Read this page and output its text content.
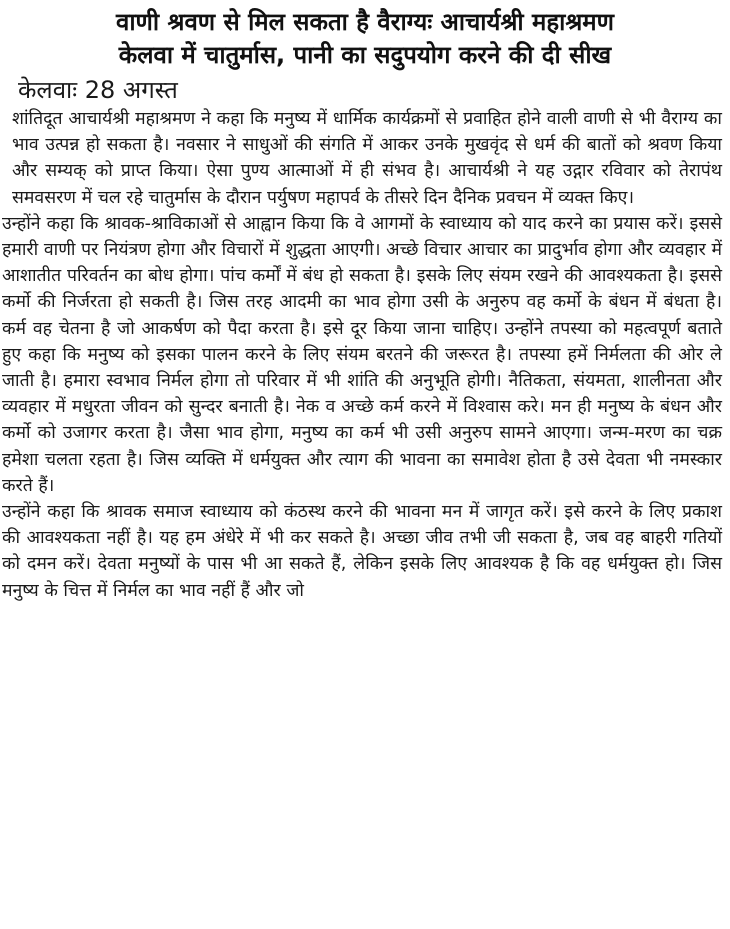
वाणी श्रवण से मिल सकता है वैराग्यः आचार्यश्री महाश्रमण
केलवा में चातुर्मास, पानी का सदुपयोग करने की दी सीख
केलवाः 28 अगस्त

शांतिदूत आचार्यश्री महाश्रमण ने कहा कि मनुष्य में धार्मिक कार्यक्रमों से प्रवाहित होने वाली वाणी से भी वैराग्य का भाव उत्पन्न हो सकता है। नवसार ने साधुओं की संगति में आकर उनके मुखवृंद से धर्म की बातों को श्रवण किया और सम्यक् को प्राप्त किया। ऐसा पुण्य आत्माओं में ही संभव है। आचार्यश्री ने यह उद्गार रविवार को तेरापंथ समवसरण में चल रहे चातुर्मास के दौरान पर्युषण महापर्व के तीसरे दिन दैनिक प्रवचन में व्यक्त किए।

उन्होंने कहा कि श्रावक-श्राविकाओं से आह्वान किया कि वे आगमों के स्वाध्याय को याद करने का प्रयास करें। इससे हमारी वाणी पर नियंत्रण होगा और विचारों में शुद्धता आएगी। अच्छे विचार आचार का प्रादुर्भाव होगा और व्यवहार में आशातीत परिवर्तन का बोध होगा। पांच कर्मों में बंध हो सकता है। इसके लिए संयम रखने की आवश्यकता है। इससे कर्मो की निर्जरता हो सकती है। जिस तरह आदमी का भाव होगा उसी के अनुरुप वह कर्मो के बंधन में बंधता है। कर्म वह चेतना है जो आकर्षण को पैदा करता है। इसे दूर किया जाना चाहिए। उन्होंने तपस्या को महत्वपूर्ण बताते हुए कहा कि मनुष्य को इसका पालन करने के लिए संयम बरतने की जरूरत है। तपस्या हमें निर्मलता की ओर ले जाती है। हमारा स्वभाव निर्मल होगा तो परिवार में भी शांति की अनुभूति होगी। नैतिकता, संयमता, शालीनता और व्यवहार में मधुरता जीवन को सुन्दर बनाती है। नेक व अच्छे कर्म करने में विश्वास करे। मन ही मनुष्य के बंधन और कर्मो को उजागर करता है। जैसा भाव होगा, मनुष्य का कर्म भी उसी अनुरुप सामने आएगा। जन्म-मरण का चक्र हमेशा चलता रहता है। जिस व्यक्ति में धर्मयुक्त और त्याग की भावना का समावेश होता है उसे देवता भी नमस्कार करते हैं।

उन्होंने कहा कि श्रावक समाज स्वाध्याय को कंठस्थ करने की भावना मन में जागृत करें। इसे करने के लिए प्रकाश की आवश्यकता नहीं है। यह हम अंधेरे में भी कर सकते है। अच्छा जीव तभी जी सकता है, जब वह बाहरी गतियों को दमन करें। देवता मनुष्यों के पास भी आ सकते हैं, लेकिन इसके लिए आवश्यक है कि वह धर्मयुक्त हो। जिस मनुष्य के चित्त में निर्मल का भाव नहीं हैं और जो
